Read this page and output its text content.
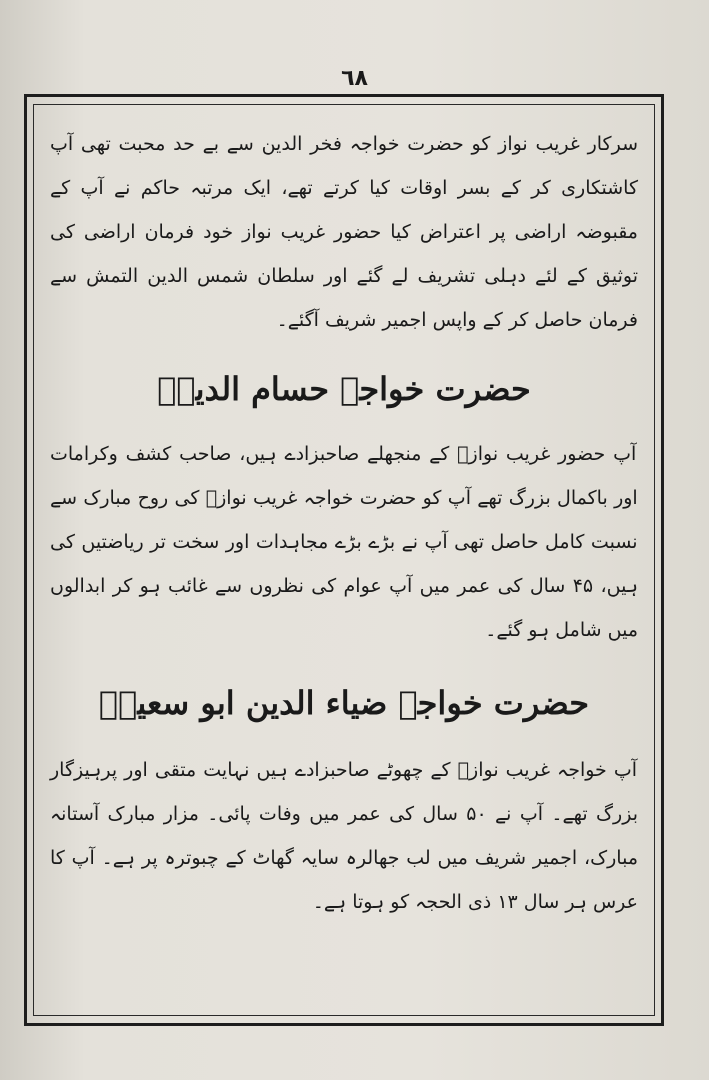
٦٨

سرکار غریب نواز کو حضرت خواجہ فخر الدین سے بے حد محبت تھی آپ کاشتکاری کر کے بسر اوقات کیا کرتے تھے، ایک مرتبہ حاکم نے آپ کے مقبوضہ اراضی پر اعتراض کیا حضور غریب نواز خود فرمان اراضی کی توثیق کے لئے دہلی تشریف لے گئے اور سلطان شمس الدین التمش سے فرمان حاصل کر کے واپس اجمیر شریف آگئے۔

حضرت خواجہ حسام الدینؒ

آپ حضور غریب نوازؒ کے منجھلے صاحبزادے ہیں، صاحب کشف وکرامات اور باکمال بزرگ تھے آپ کو حضرت خواجہ غریب نوازؒ کی روح مبارک سے نسبت کامل حاصل تھی آپ نے بڑے بڑے مجاہدات اور سخت تر ریاضتیں کی ہیں، ۴۵ سال کی عمر میں آپ عوام کی نظروں سے غائب ہو کر ابدالوں میں شامل ہو گئے۔

حضرت خواجہ ضیاء الدین ابو سعیدؒ

آپ خواجہ غریب نوازؒ کے چھوٹے صاحبزادے ہیں نہایت متقی اور پرہیزگار بزرگ تھے۔ آپ نے ۵۰ سال کی عمر میں وفات پائی۔ مزار مبارک آستانہ مبارک، اجمیر شریف میں لب جھالرہ سایہ گھاٹ کے چبوترہ پر ہے۔ آپ کا عرس ہر سال ۱۳ ذی الحجہ کو ہوتا ہے۔
